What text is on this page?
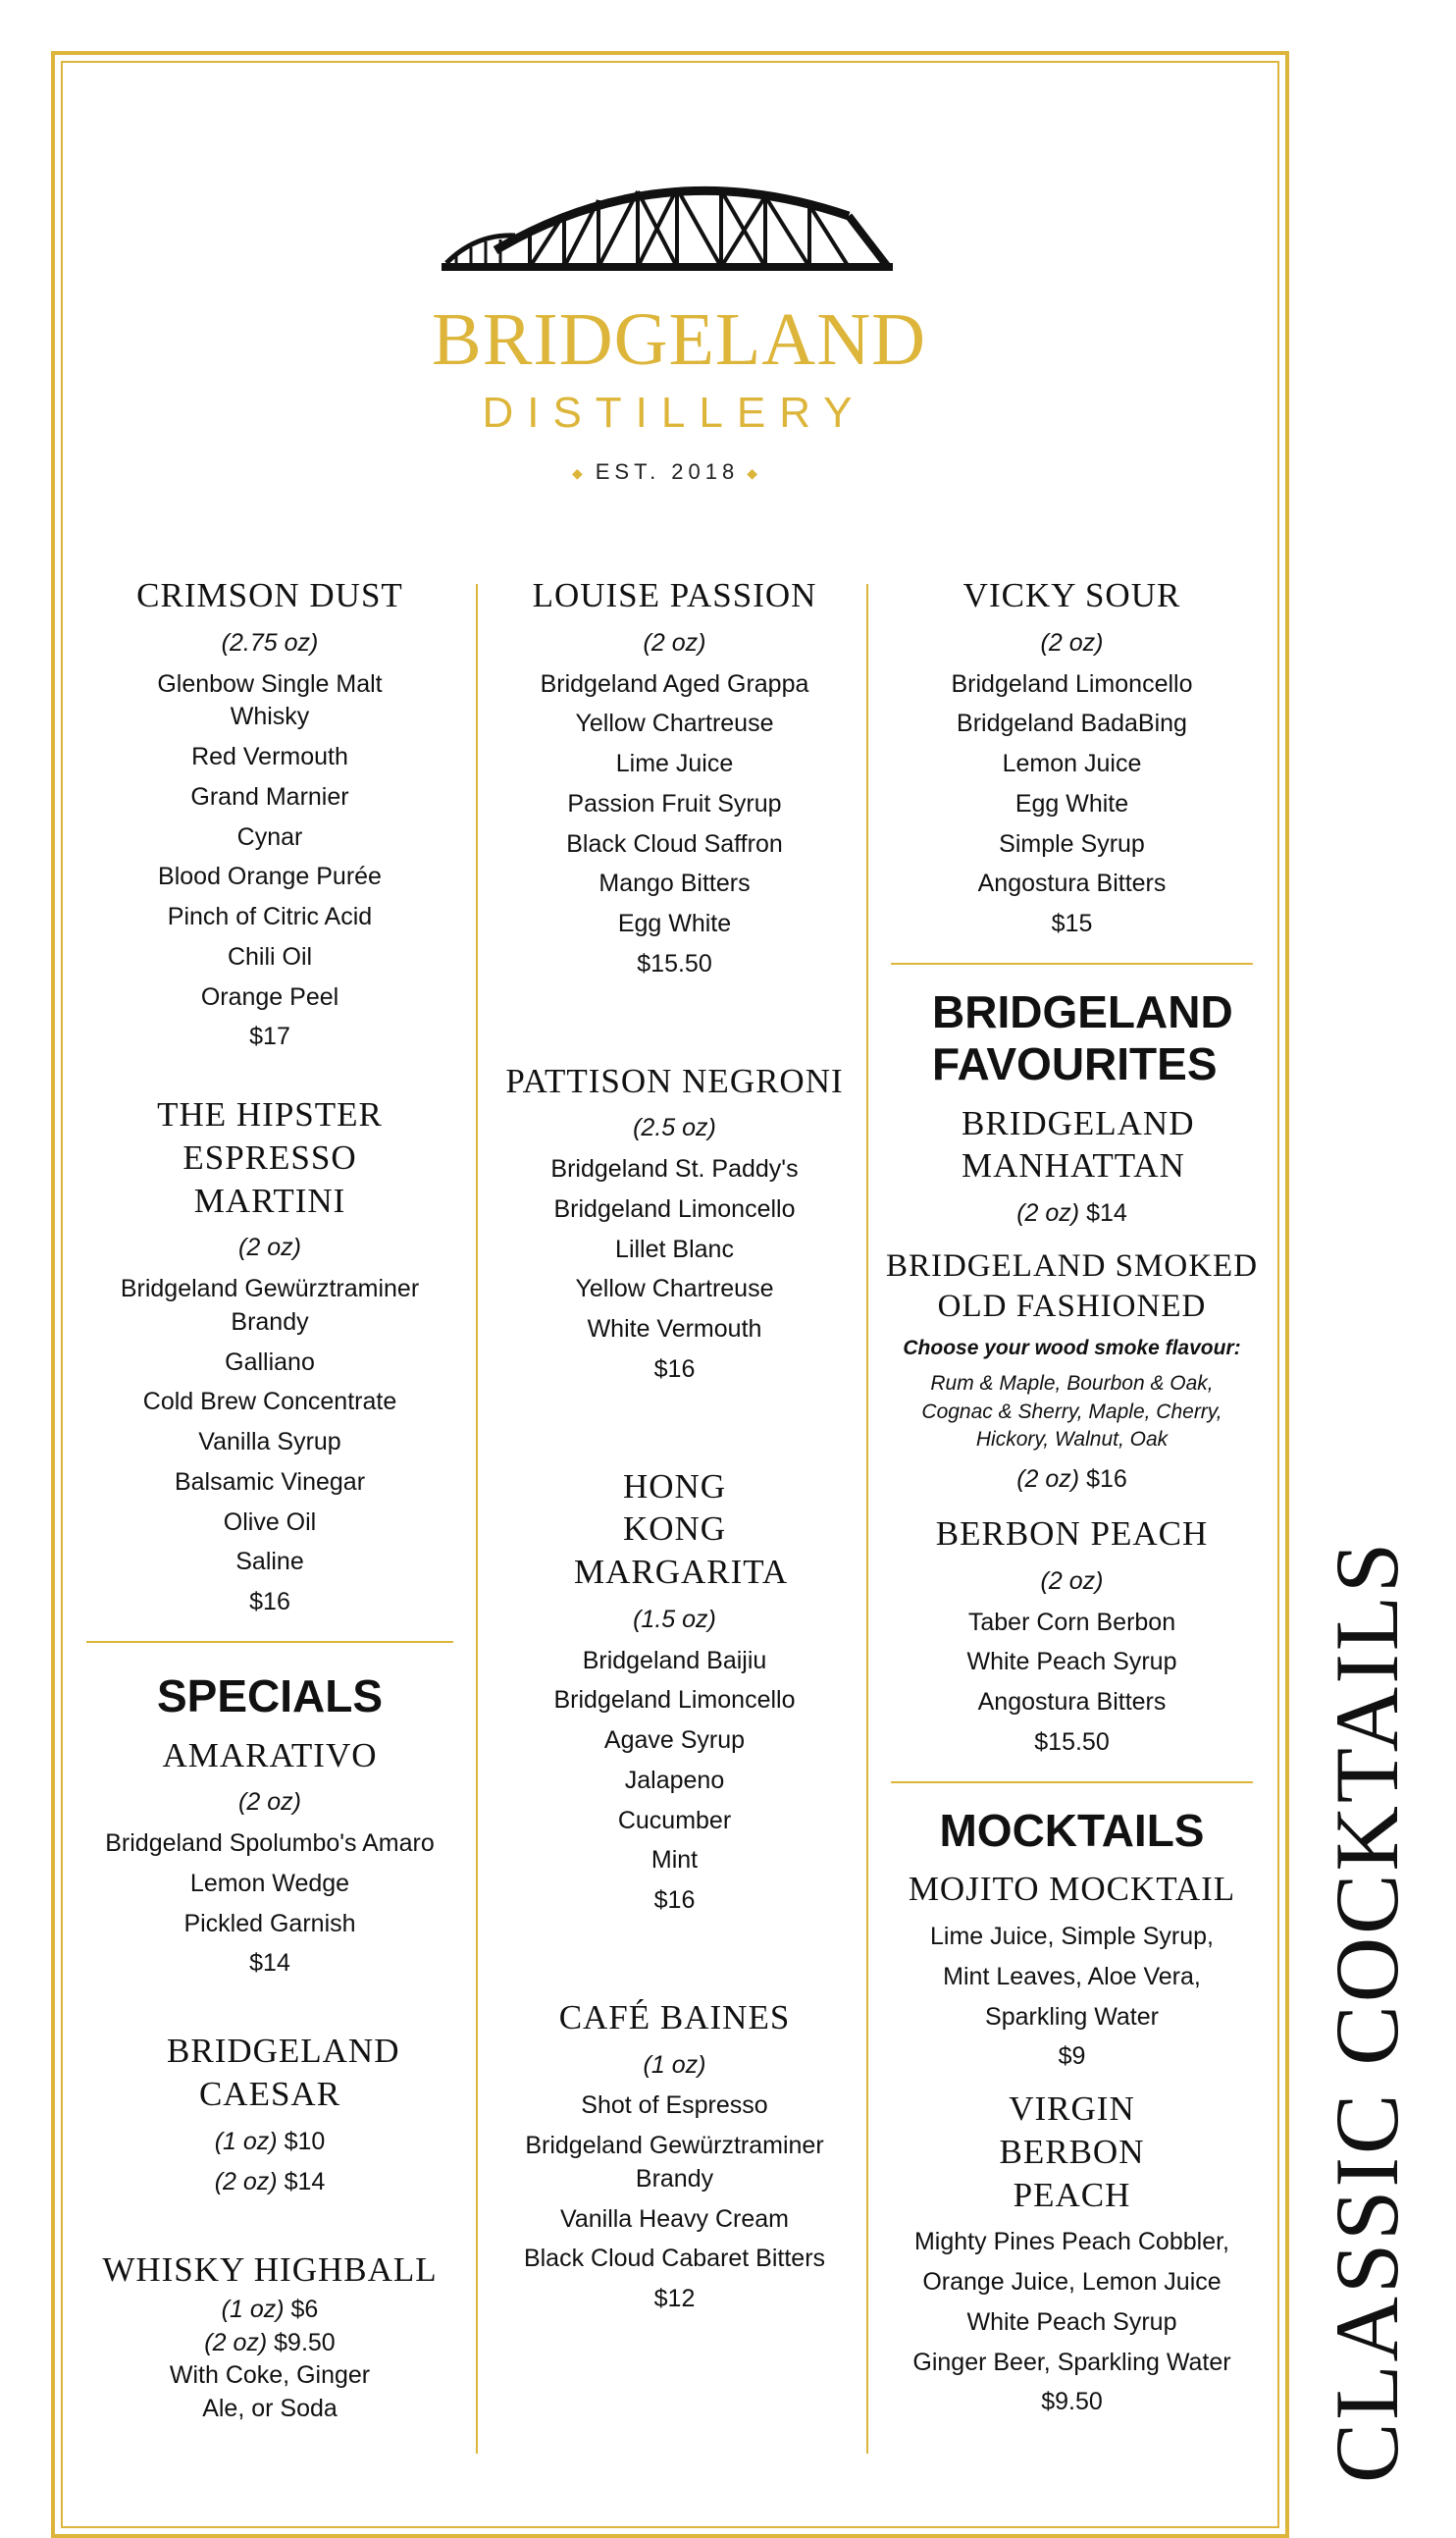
BRIDGELAND
DISTILLERY
◆ EST. 2018 ◆
CRIMSON DUST
(2.75 oz)
Glenbow Single Malt Whisky
Red Vermouth
Grand Marnier
Cynar
Blood Orange Purée
Pinch of Citric Acid
Chili Oil
Orange Peel
$17
THE HIPSTER ESPRESSO MARTINI
(2 oz)
Bridgeland Gewürztraminer Brandy
Galliano
Cold Brew Concentrate
Vanilla Syrup
Balsamic Vinegar
Olive Oil
Saline
$16
SPECIALS
AMARATIVO
(2 oz)
Bridgeland Spolumbo's Amaro
Lemon Wedge
Pickled Garnish
$14
BRIDGELAND CAESAR
(1 oz) $10
(2 oz) $14
WHISKY HIGHBALL
(1 oz) $6
(2 oz) $9.50
With Coke, Ginger Ale, or Soda
LOUISE PASSION
(2 oz)
Bridgeland Aged Grappa
Yellow Chartreuse
Lime Juice
Passion Fruit Syrup
Black Cloud Saffron
Mango Bitters
Egg White
$15.50
PATTISON NEGRONI
(2.5 oz)
Bridgeland St. Paddy's
Bridgeland Limoncello
Lillet Blanc
Yellow Chartreuse
White Vermouth
$16
HONG KONG MARGARITA
(1.5 oz)
Bridgeland Baijiu
Bridgeland Limoncello
Agave Syrup
Jalapeno
Cucumber
Mint
$16
CAFÉ BAINES
(1 oz)
Shot of Espresso
Bridgeland Gewürztraminer Brandy
Vanilla Heavy Cream
Black Cloud Cabaret Bitters
$12
VICKY SOUR
(2 oz)
Bridgeland Limoncello
Bridgeland BadaBing
Lemon Juice
Egg White
Simple Syrup
Angostura Bitters
$15
BRIDGELAND FAVOURITES
BRIDGELAND MANHATTAN
(2 oz) $14
BRIDGELAND SMOKED OLD FASHIONED
Choose your wood smoke flavour:
Rum & Maple, Bourbon & Oak, Cognac & Sherry, Maple, Cherry, Hickory, Walnut, Oak
(2 oz) $16
BERBON PEACH
(2 oz)
Taber Corn Berbon
White Peach Syrup
Angostura Bitters
$15.50
MOCKTAILS
MOJITO MOCKTAIL
Lime Juice, Simple Syrup,
Mint Leaves, Aloe Vera,
Sparkling Water
$9
VIRGIN BERBON PEACH
Mighty Pines Peach Cobbler,
Orange Juice, Lemon Juice
White Peach Syrup
Ginger Beer, Sparkling Water
$9.50	CLASSIC COCKTAILS
